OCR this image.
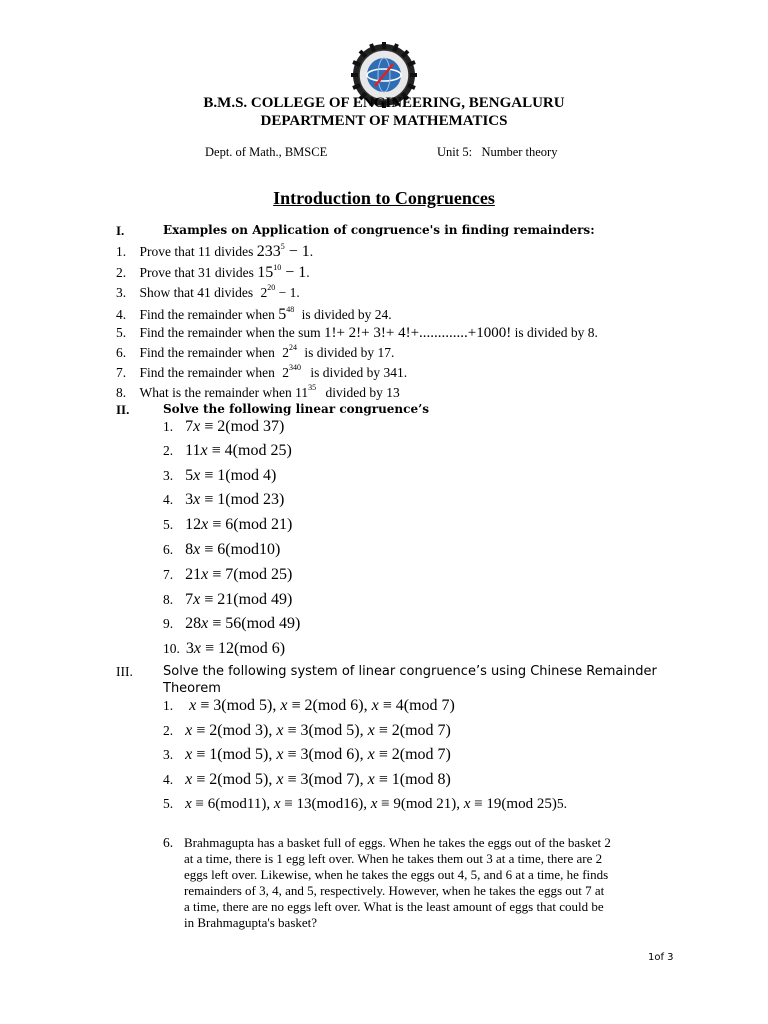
B.M.S. COLLEGE OF ENGINEERING, BENGALURU
DEPARTMENT OF MATHEMATICS
Dept. of Math., BMSCE	Unit 5:   Number theory
Introduction to Congruences
I.	Examples on Application of congruence's in finding remainders:
1. Prove that 11 divides $233^5 - 1$.
2. Prove that 31 divides $15^{10} - 1$.
3. Show that 41 divides $2^{20} - 1$.
4. Find the remainder when $5^{48}$ is divided by 24.
5. Find the remainder when the sum 1!+ 2!+ 3!+ 4!+.............+1000! is divided by 8.
6. Find the remainder when $2^{24}$ is divided by 17.
7. Find the remainder when $2^{340}$ is divided by 341.
8. What is the remainder when $11^{35}$ divided by 13
II.	Solve the following linear congruence’s
1. 7x ≡ 2(mod 37)
2. 11x ≡ 4(mod 25)
3. 5x ≡ 1(mod 4)
4. 3x ≡ 1(mod 23)
5. 12x ≡ 6(mod 21)
6. 8x ≡ 6(mod10)
7. 21x ≡ 7(mod 25)
8. 7x ≡ 21(mod 49)
9. 28x ≡ 56(mod 49)
10. 3x ≡ 12(mod 6)
III. Solve the following system of linear congruence’s using Chinese Remainder
Theorem
1. x ≡ 3(mod 5), x ≡ 2(mod 6), x ≡ 4(mod 7)
2. x ≡ 2(mod 3), x ≡ 3(mod 5), x ≡ 2(mod 7)
3. x ≡ 1(mod 5), x ≡ 3(mod 6), x ≡ 2(mod 7)
4. x ≡ 2(mod 5), x ≡ 3(mod 7), x ≡ 1(mod 8)
5. x ≡ 6(mod11), x ≡ 13(mod16), x ≡ 9(mod 21), x ≡ 19(mod 25)5.
6. Brahmagupta has a basket full of eggs. When he takes the eggs out of the basket 2
at a time, there is 1 egg left over. When he takes them out 3 at a time, there are 2
eggs left over. Likewise, when he takes the eggs out 4, 5, and 6 at a time, he finds
remainders of 3, 4, and 5, respectively. However, when he takes the eggs out 7 at
a time, there are no eggs left over. What is the least amount of eggs that could be
in Brahmagupta's basket?
1of 3
